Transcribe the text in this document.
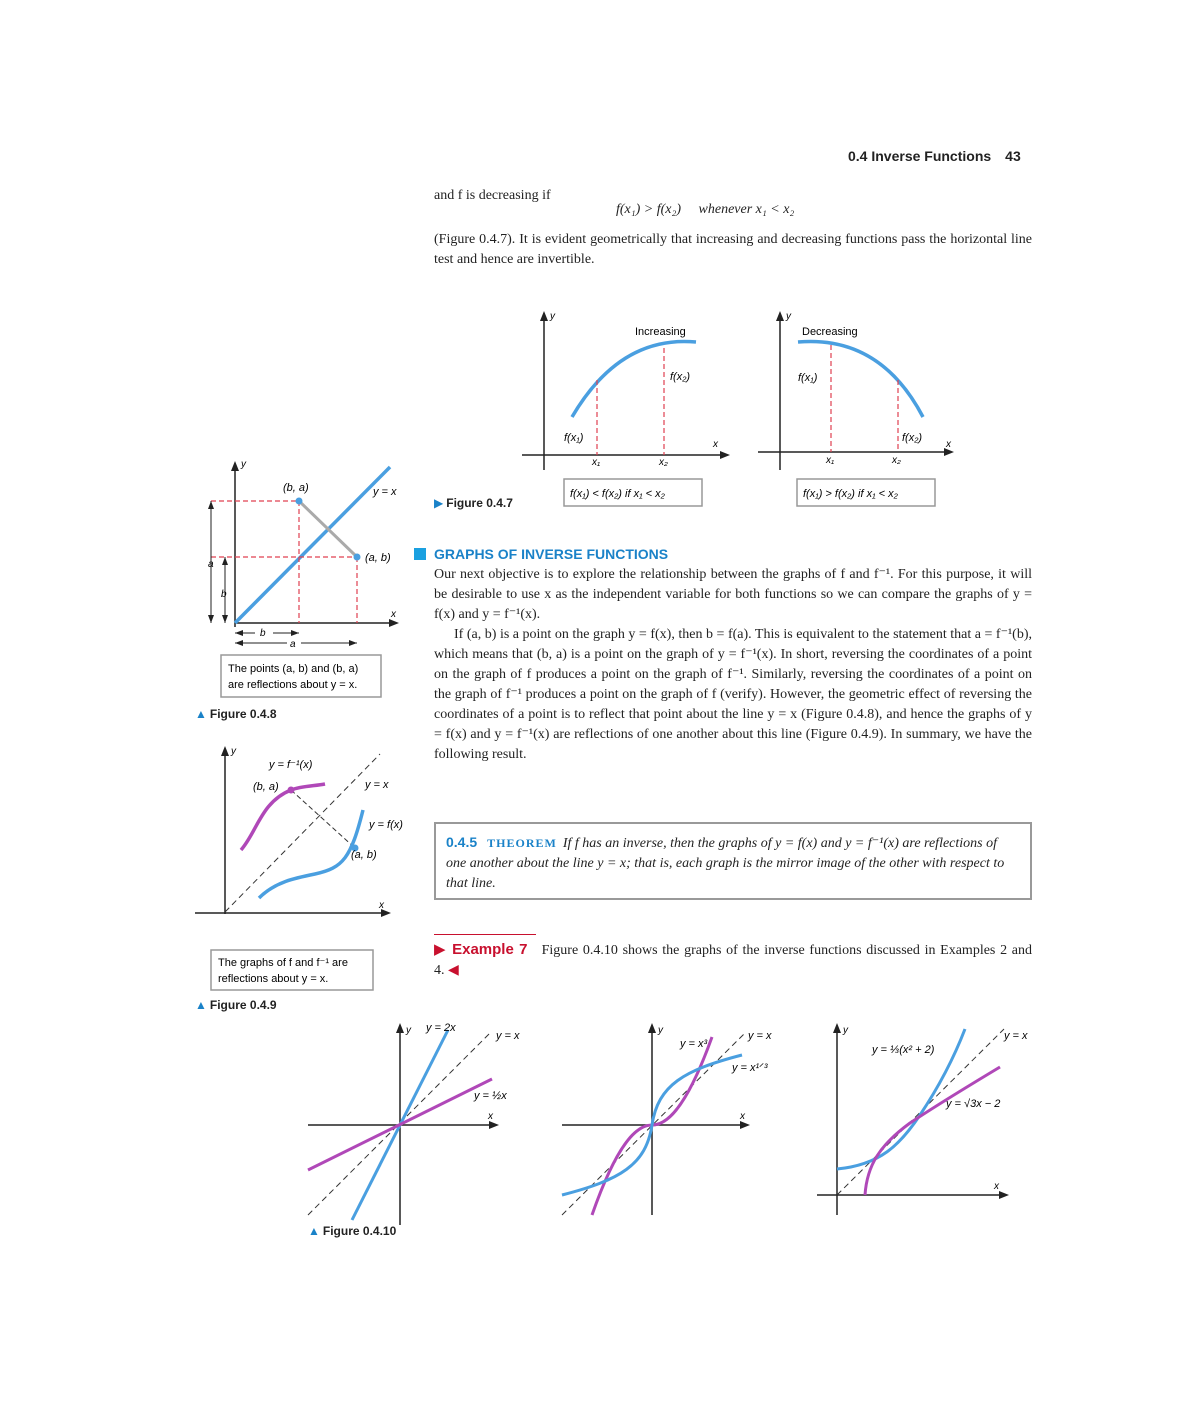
0.4 Inverse Functions 43
and f is decreasing if
f(x₁) > f(x₂)     whenever x₁ < x₂
(Figure 0.4.7). It is evident geometrically that increasing and decreasing functions pass the horizontal line test and hence are invertible.
y
x
Increasing
f(x₂)
f(x₁)
x₁	x₂
f(x₁) < f(x₂) if x₁ < x₂
y
x
Decreasing
f(x₁)
f(x₂)
x₁	x₂
f(x₁) > f(x₂) if x₁ < x₂
▶ Figure 0.4.7
b
a
a
b
y
x
y = x
(b, a)
(a, b)
The points (a, b) and (b, a)
are reflections about y = x.
▲ Figure 0.4.8
y
x
y = f⁻¹(x)
(b, a)	y = x
y = f(x)
(a, b)
The graphs of f and f⁻¹ are
reflections about y = x.
▲ Figure 0.4.9
GRAPHS OF INVERSE FUNCTIONS
Our next objective is to explore the relationship between the graphs of f and f⁻¹. For this purpose, it will be desirable to use x as the independent variable for both functions so we can compare the graphs of y = f(x) and y = f⁻¹(x).
If (a, b) is a point on the graph y = f(x), then b = f(a). This is equivalent to the statement that a = f⁻¹(b), which means that (b, a) is a point on the graph of y = f⁻¹(x). In short, reversing the coordinates of a point on the graph of f produces a point on the graph of f⁻¹. Similarly, reversing the coordinates of a point on the graph of f⁻¹ produces a point on the graph of f (verify). However, the geometric effect of reversing the coordinates of a point is to reflect that point about the line y = x (Figure 0.4.8), and hence the graphs of y = f(x) and y = f⁻¹(x) are reflections of one another about this line (Figure 0.4.9). In summary, we have the following result.
0.4.5 THEOREM If f has an inverse, then the graphs of y = f(x) and y = f⁻¹(x) are reflections of one another about the line y = x; that is, each graph is the mirror image of the other with respect to that line.
▶ Example 7 Figure 0.4.10 shows the graphs of the inverse functions discussed in Examples 2 and 4. ◀
y
x
y = 2x
y = x
y = ½x
y
x
y = x³
y = x
y = x¹ᐟ³
y
x
y = ⅓(x² + 2)
y = x
y = √3x − 2
▲ Figure 0.4.10
